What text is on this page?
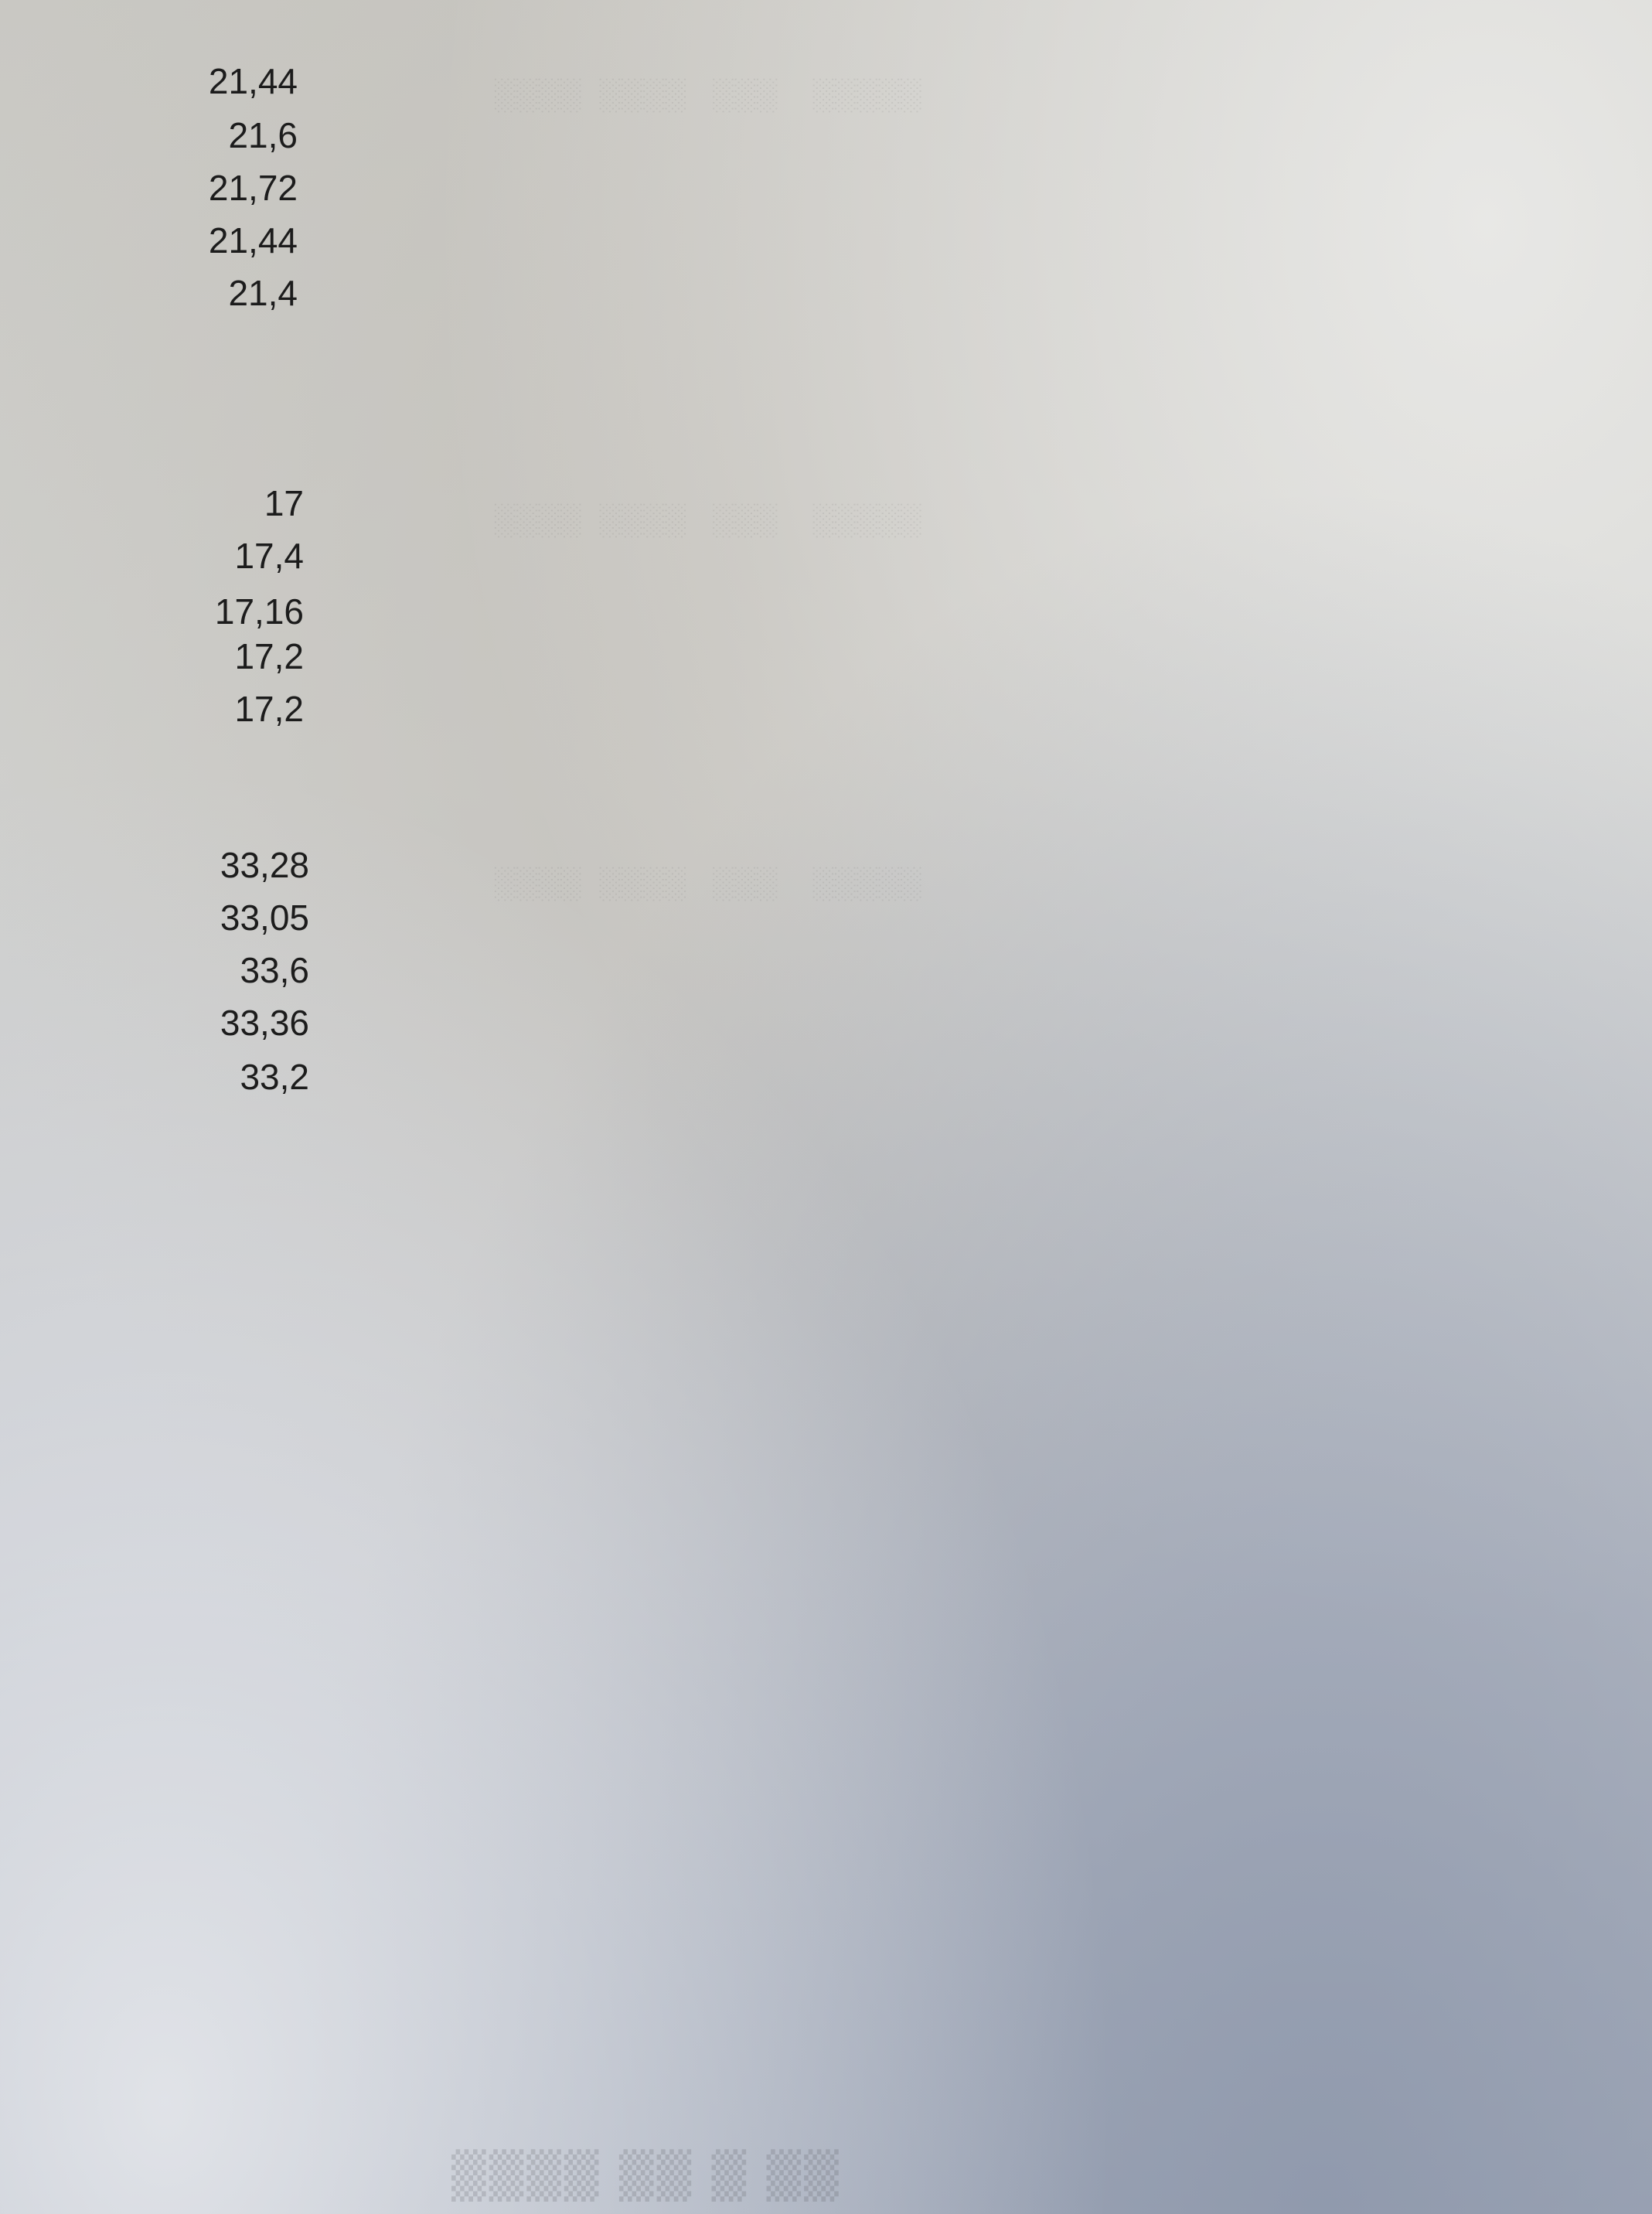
░░░░░    ░░░   ░░░░  ░░░░
░░░░░    ░░░   ░░░░  ░░░░
░░░░░    ░░░   ░░░░  ░░░░
▒▒ ▒ ▒▒ ▒▒▒▒
21,44
21,6
21,72
21,44
21,4
17
17,4
17,16
17,2
17,2
33,28
33,05
33,6
33,36
33,2
